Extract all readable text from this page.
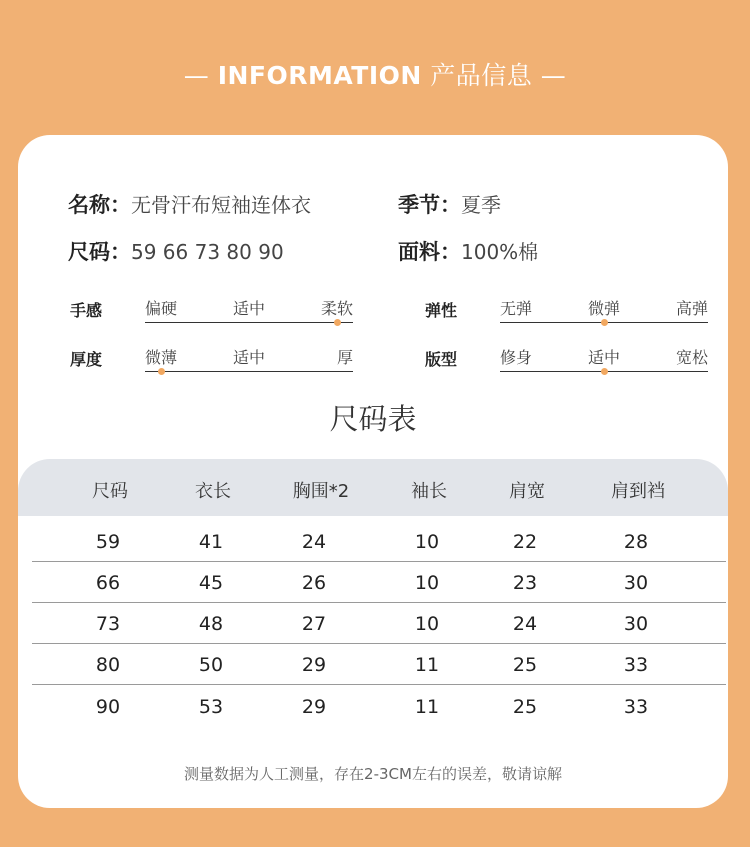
— INFORMATION 产品信息 —
名称：无骨汗布短袖连体衣	季节：夏季
尺码：59 66 73 80 90	面料：100%棉
手感	偏硬	适中	柔软	弹性	无弹	微弹	高弹
厚度	微薄	适中	厚	版型	修身	适中	宽松
尺码表
尺码	衣长	胸围*2	袖长	肩宽	肩到裆
59	41	24	10	22	28
66	45	26	10	23	30
73	48	27	10	24	30
80	50	29	11	25	33
90	53	29	11	25	33
测量数据为人工测量，存在2-3CM左右的误差，敬请谅解
